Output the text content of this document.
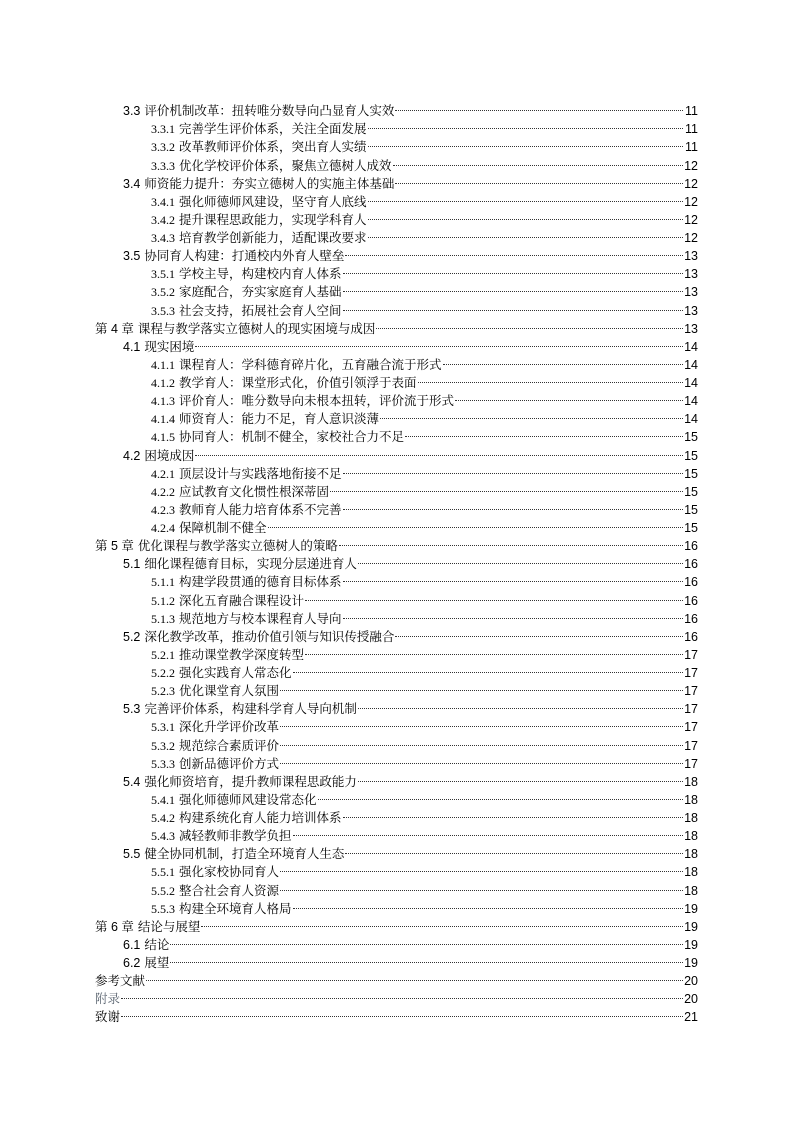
3.3 评价机制改革：扭转唯分数导向凸显育人实效	11
3.3.1 完善学生评价体系，关注全面发展	11
3.3.2 改革教师评价体系，突出育人实绩	11
3.3.3 优化学校评价体系，聚焦立德树人成效	12
3.4 师资能力提升：夯实立德树人的实施主体基础	12
3.4.1 强化师德师风建设，坚守育人底线	12
3.4.2 提升课程思政能力，实现学科育人	12
3.4.3 培育教学创新能力，适配课改要求	12
3.5 协同育人构建：打通校内外育人壁垒	13
3.5.1 学校主导，构建校内育人体系	13
3.5.2 家庭配合，夯实家庭育人基础	13
3.5.3 社会支持，拓展社会育人空间	13
第 4 章 课程与教学落实立德树人的现实困境与成因	13
4.1 现实困境	14
4.1.1 课程育人：学科德育碎片化，五育融合流于形式	14
4.1.2 教学育人：课堂形式化，价值引领浮于表面	14
4.1.3 评价育人：唯分数导向未根本扭转，评价流于形式	14
4.1.4 师资育人：能力不足，育人意识淡薄	14
4.1.5 协同育人：机制不健全，家校社合力不足	15
4.2 困境成因	15
4.2.1 顶层设计与实践落地衔接不足	15
4.2.2 应试教育文化惯性根深蒂固	15
4.2.3 教师育人能力培育体系不完善	15
4.2.4 保障机制不健全	15
第 5 章 优化课程与教学落实立德树人的策略	16
5.1 细化课程德育目标，实现分层递进育人	16
5.1.1 构建学段贯通的德育目标体系	16
5.1.2 深化五育融合课程设计	16
5.1.3 规范地方与校本课程育人导向	16
5.2 深化教学改革，推动价值引领与知识传授融合	16
5.2.1 推动课堂教学深度转型	17
5.2.2 强化实践育人常态化	17
5.2.3 优化课堂育人氛围	17
5.3 完善评价体系，构建科学育人导向机制	17
5.3.1 深化升学评价改革	17
5.3.2 规范综合素质评价	17
5.3.3 创新品德评价方式	17
5.4 强化师资培育，提升教师课程思政能力	18
5.4.1 强化师德师风建设常态化	18
5.4.2 构建系统化育人能力培训体系	18
5.4.3 减轻教师非教学负担	18
5.5 健全协同机制，打造全环境育人生态	18
5.5.1 强化家校协同育人	18
5.5.2 整合社会育人资源	18
5.5.3 构建全环境育人格局	19
第 6 章 结论与展望	19
6.1 结论	19
6.2 展望	19
参考文献	20
附录	20
致谢	21
